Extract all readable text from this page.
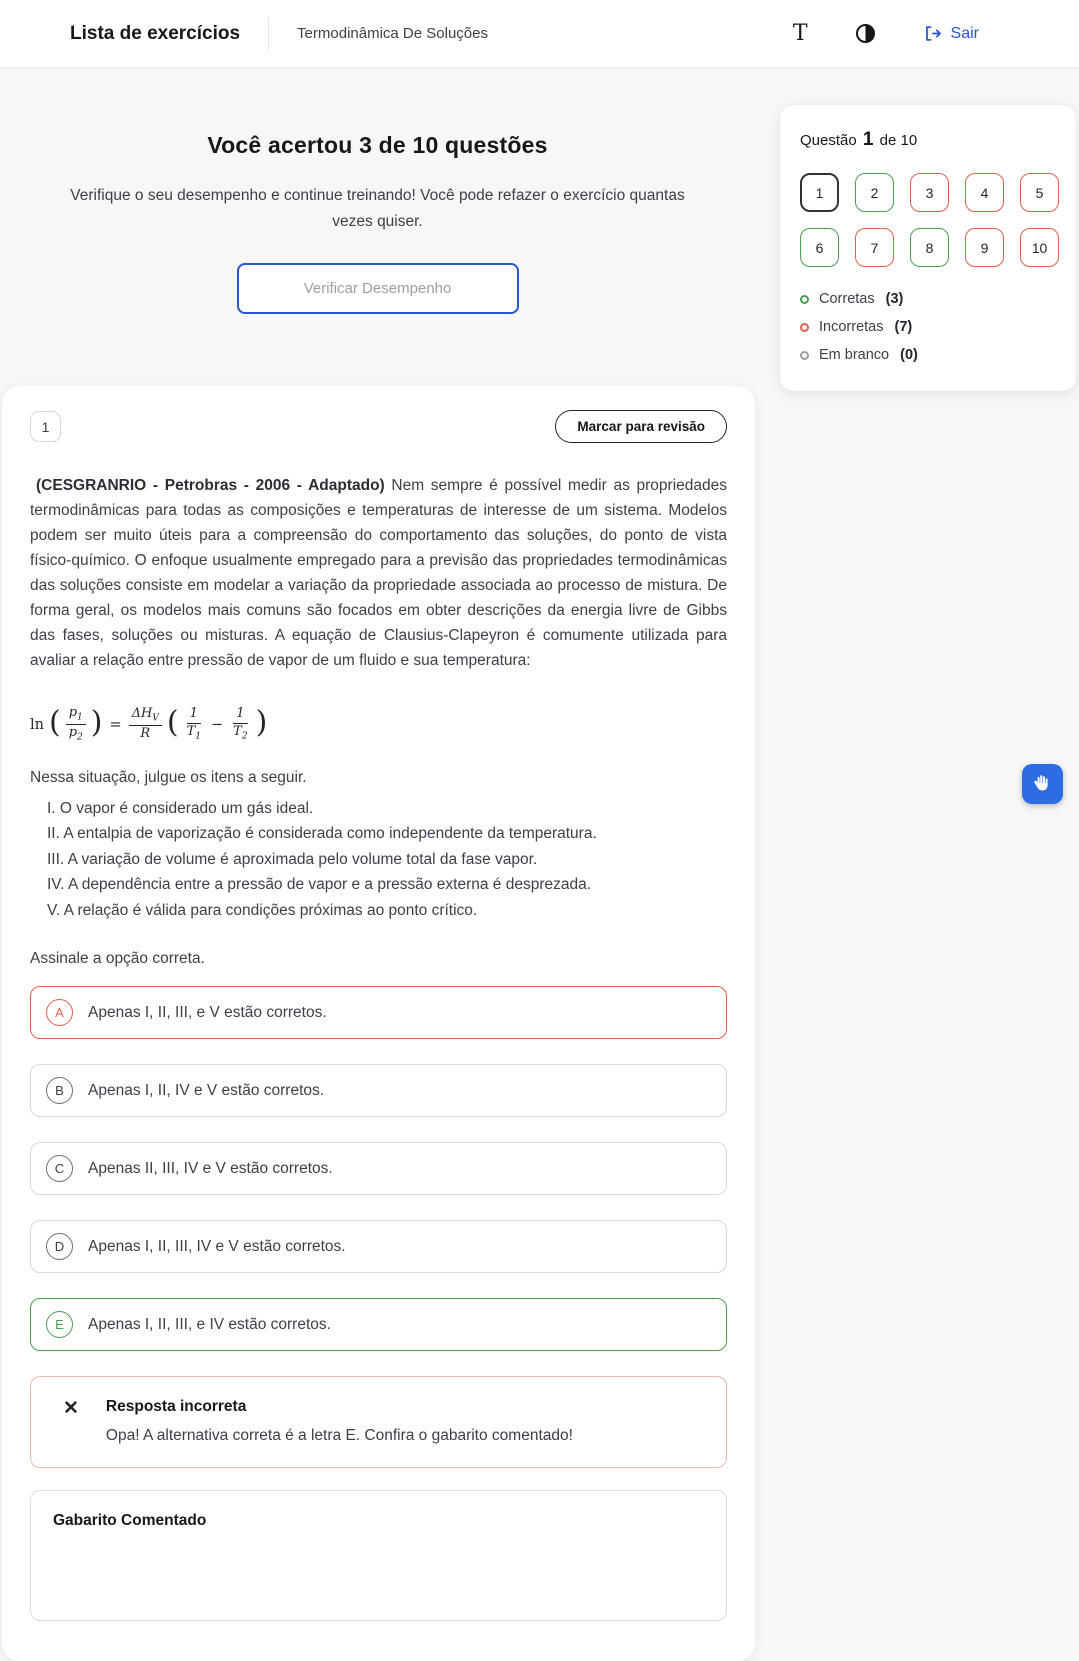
Lista de exercícios	Termodinâmica De Soluções	T	Sair
Você acertou 3 de 10 questões

Verifique o seu desempenho e continue treinando! Você pode refazer o exercício quantas vezes quiser.

Verificar Desempenho
1	Marcar para revisão

(CESGRANRIO - Petrobras - 2006 - Adaptado) Nem sempre é possível medir as propriedades termodinâmicas para todas as composições e temperaturas de interesse de um sistema. Modelos podem ser muito úteis para a compreensão do comportamento das soluções, do ponto de vista físico-químico. O enfoque usualmente empregado para a previsão das propriedades termodinâmicas das soluções consiste em modelar a variação da propriedade associada ao processo de mistura. De forma geral, os modelos mais comuns são focados em obter descrições da energia livre de Gibbs das fases, soluções ou misturas. A equação de Clausius-Clapeyron é comumente utilizada para avaliar a relação entre pressão de vapor de um fluido e sua temperatura:

ln ( $\frac{p_1}{p_2}$ ) = $\frac{\Delta H_V}{R}$ ( $\frac{1}{T_1} - \frac{1}{T_2}$ )

Nessa situação, julgue os itens a seguir.

I. O vapor é considerado um gás ideal.
II. A entalpia de vaporização é considerada como independente da temperatura.
III. A variação de volume é aproximada pelo volume total da fase vapor.
IV. A dependência entre a pressão de vapor e a pressão externa é desprezada.
V. A relação é válida para condições próximas ao ponto crítico.

Assinale a opção correta.

A	Apenas I, II, III, e V estão corretos.
B	Apenas I, II, IV e V estão corretos.
C	Apenas II, III, IV e V estão corretos.
D	Apenas I, II, III, IV e V estão corretos.
E	Apenas I, II, III, e IV estão corretos.
✕ Resposta incorreta

Opa! A alternativa correta é a letra E. Confira o gabarito comentado!

Gabarito Comentado
Questão 1 de 10
1	2	3	4	5
6	7	8	9	10
Corretas (3)
Incorretas (7)
Em branco (0)
